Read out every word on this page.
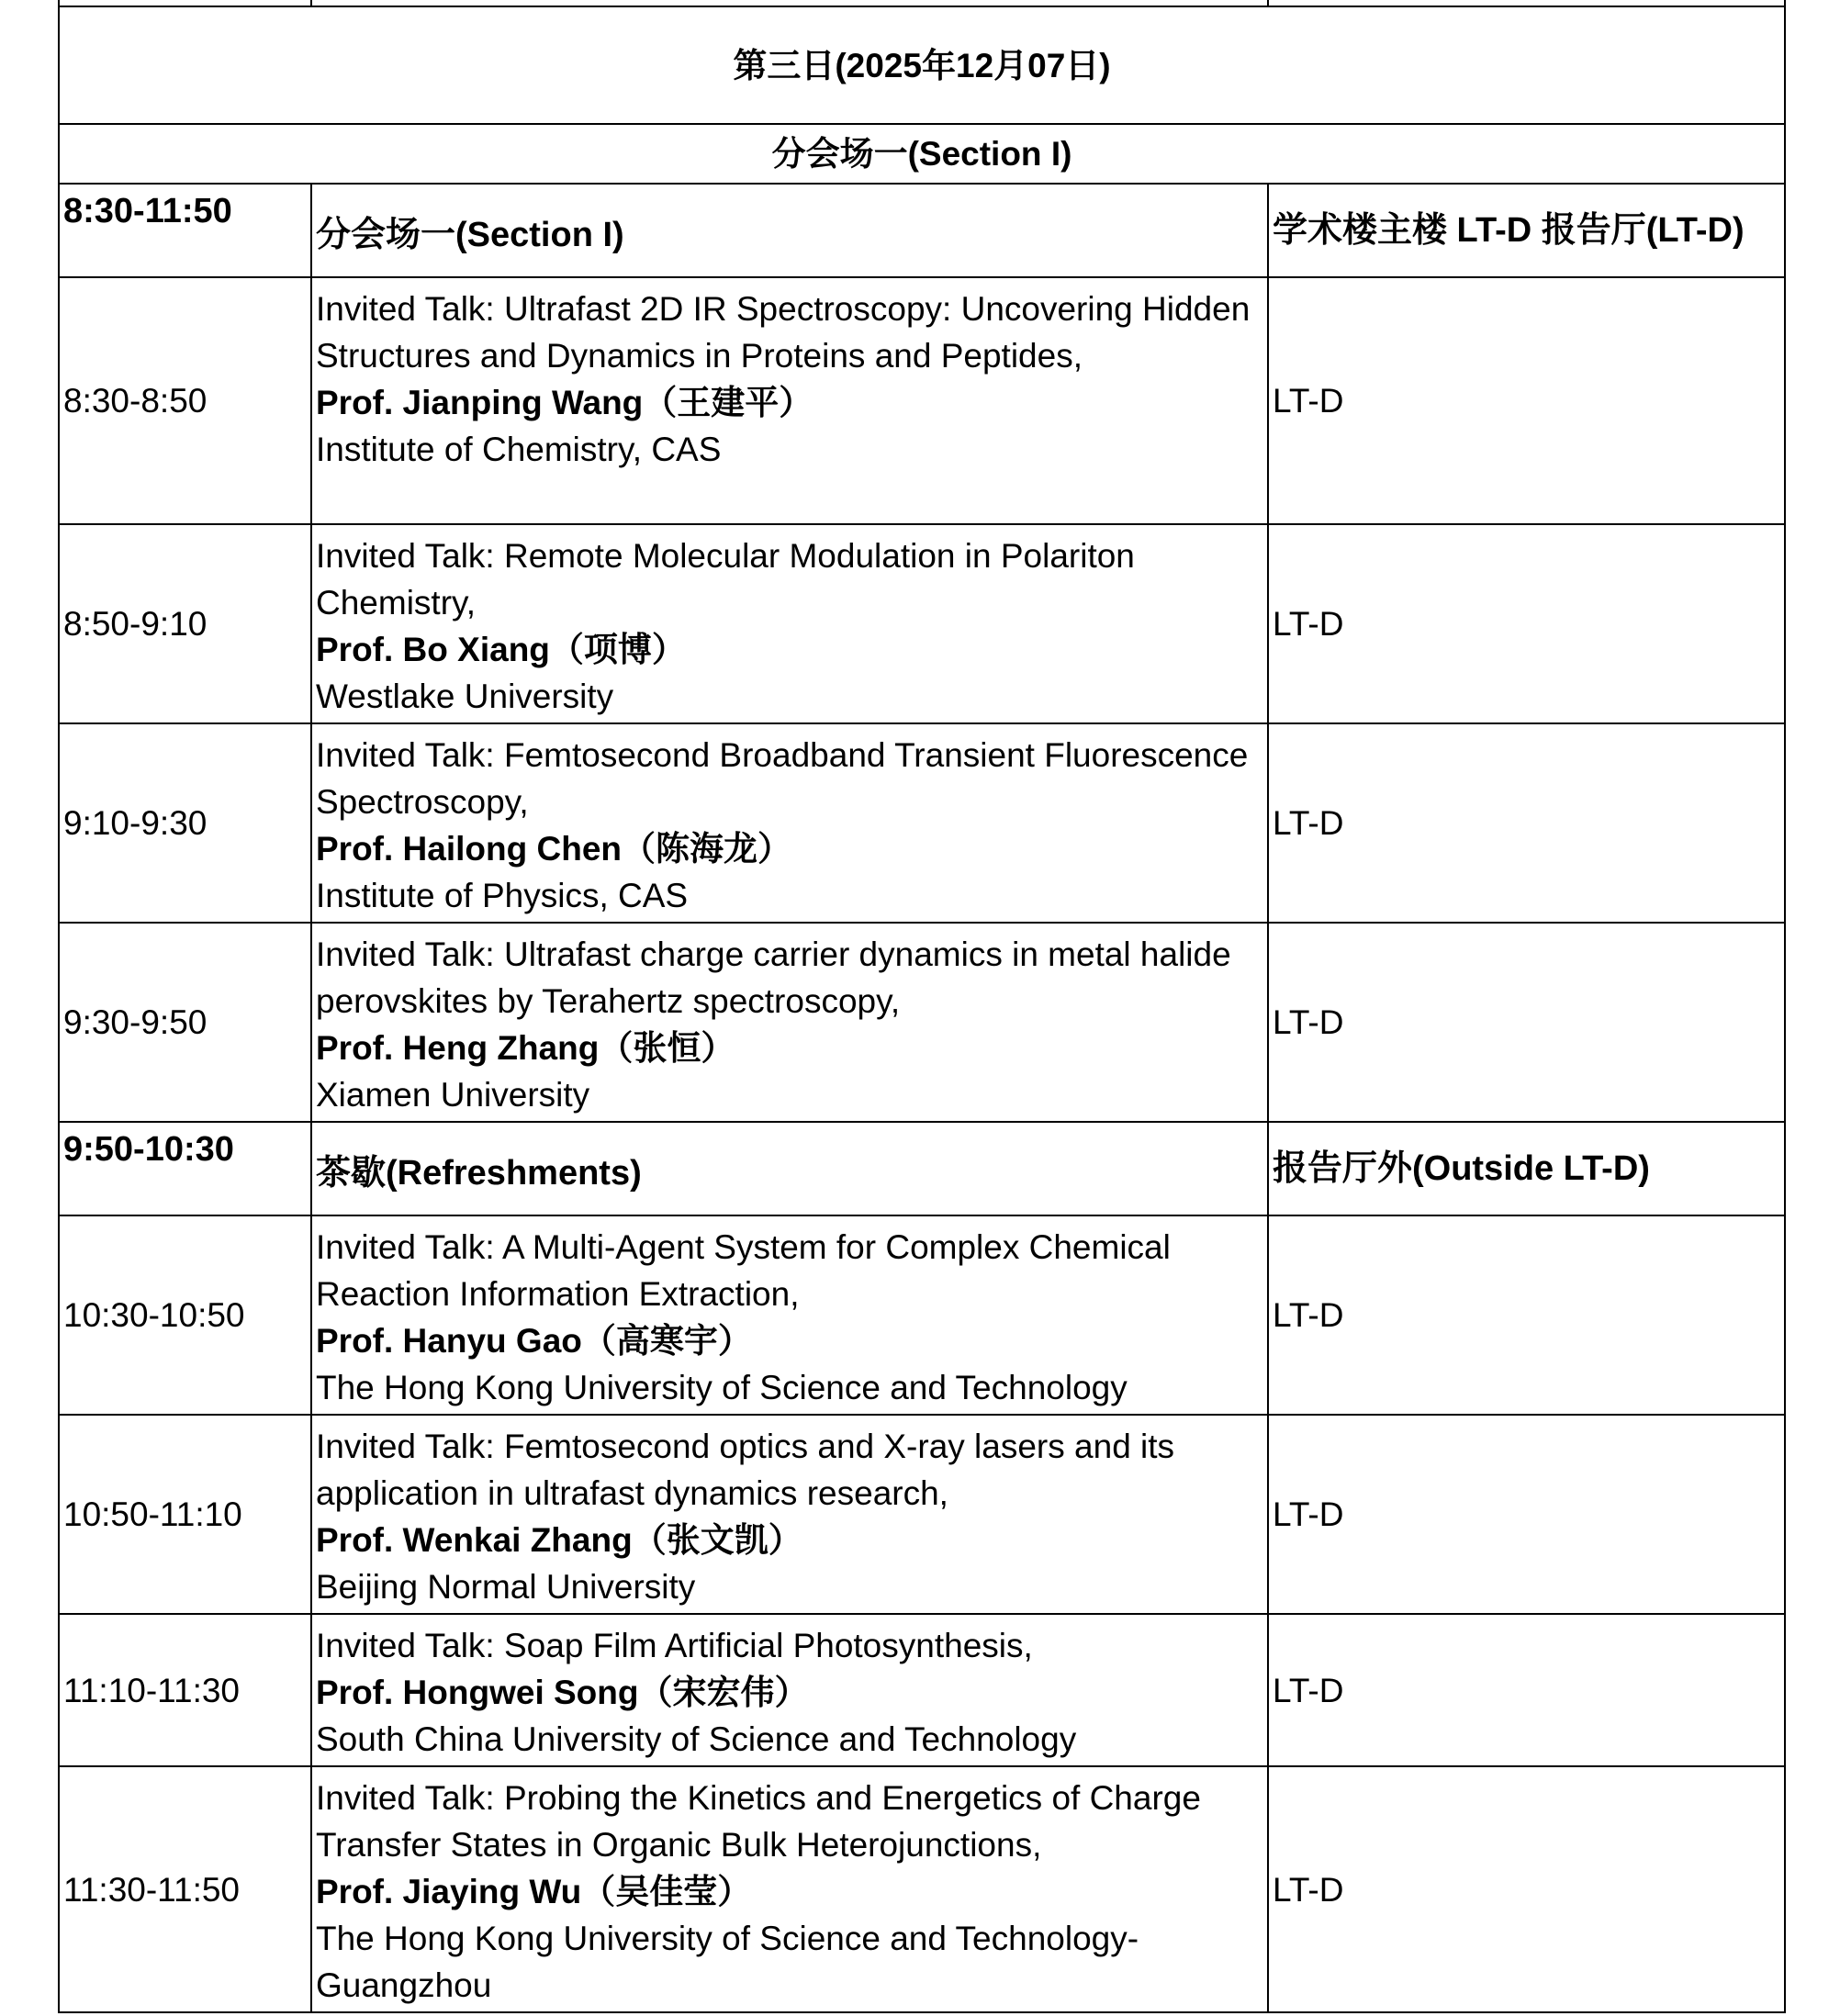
第三日(2025年12月07日)		
分会场一(Section I)		
8:30-11:50	分会场一(Section I)	学术楼主楼 LT-D 报告厅(LT-D)
8:30-8:50	Invited Talk: Ultrafast 2D IR Spectroscopy: Uncovering Hidden Structures and Dynamics in Proteins and Peptides,
Prof. Jianping Wang（王建平）
Institute of Chemistry, CAS	LT-D
8:50-9:10	Invited Talk: Remote Molecular Modulation in Polariton Chemistry,
Prof. Bo Xiang（项博）
Westlake University	LT-D
9:10-9:30	Invited Talk: Femtosecond Broadband Transient Fluorescence Spectroscopy,
Prof. Hailong Chen（陈海龙）
Institute of Physics, CAS	LT-D
9:30-9:50	Invited Talk: Ultrafast charge carrier dynamics in metal halide perovskites by Terahertz spectroscopy,
Prof. Heng Zhang（张恒）
Xiamen University	LT-D
9:50-10:30	茶歇(Refreshments)	报告厅外(Outside LT-D)
10:30-10:50	Invited Talk: A Multi-Agent System for Complex Chemical Reaction Information Extraction,
Prof. Hanyu Gao（高寒宇）
The Hong Kong University of Science and Technology	LT-D
10:50-11:10	Invited Talk: Femtosecond optics and X-ray lasers and its application in ultrafast dynamics research,
Prof. Wenkai Zhang（张文凯）
Beijing Normal University	LT-D
11:10-11:30	Invited Talk: Soap Film Artificial Photosynthesis,
Prof. Hongwei Song（宋宏伟）
South China University of Science and Technology	LT-D
11:30-11:50	Invited Talk: Probing the Kinetics and Energetics of Charge Transfer States in Organic Bulk Heterojunctions,
Prof. Jiaying Wu（吴佳莹）
The Hong Kong University of Science and Technology-Guangzhou	LT-D
